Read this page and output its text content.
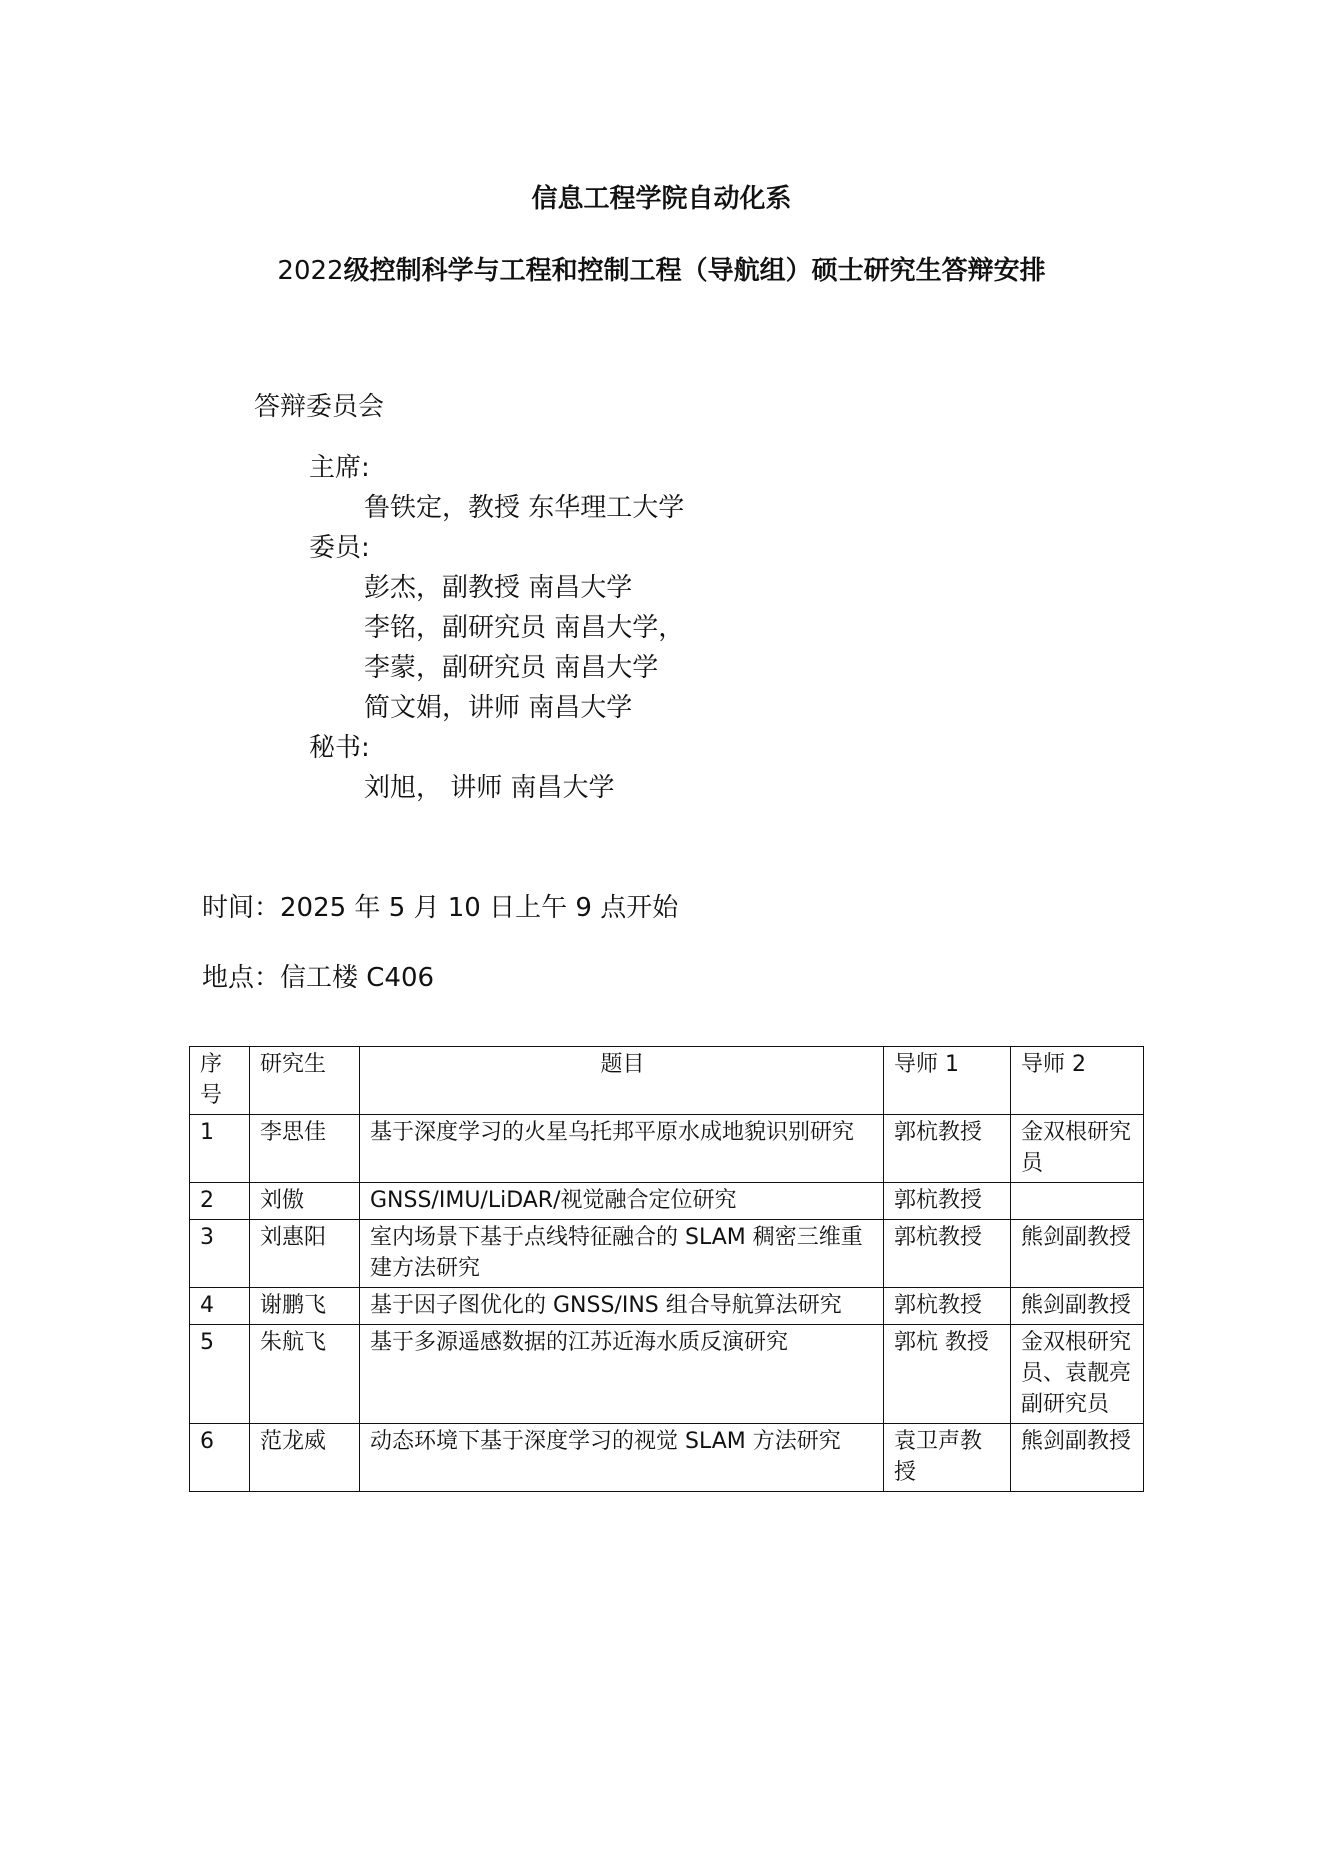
信息工程学院自动化系
2022级控制科学与工程和控制工程（导航组）硕士研究生答辩安排
答辩委员会
主席:
鲁铁定，教授 东华理工大学
委员:
彭杰，副教授 南昌大学
李铭，副研究员 南昌大学，
李蒙，副研究员 南昌大学
简文娟，讲师 南昌大学
秘书:
刘旭， 讲师 南昌大学
时间：2025 年 5 月 10 日上午 9 点开始
地点：信工楼 C406
序号	研究生	题目	导师 1	导师 2
1	李思佳	基于深度学习的火星乌托邦平原水成地貌识别研究	郭杭教授	金双根研究员
2	刘傲	GNSS/IMU/LiDAR/视觉融合定位研究	郭杭教授	
3	刘惠阳	室内场景下基于点线特征融合的 SLAM 稠密三维重建方法研究	郭杭教授	熊剑副教授
4	谢鹏飞	基于因子图优化的 GNSS/INS 组合导航算法研究	郭杭教授	熊剑副教授
5	朱航飞	基于多源遥感数据的江苏近海水质反演研究	郭杭 教授	金双根研究员、袁靓亮 副研究员
6	范龙威	动态环境下基于深度学习的视觉 SLAM 方法研究	袁卫声教授	熊剑副教授
